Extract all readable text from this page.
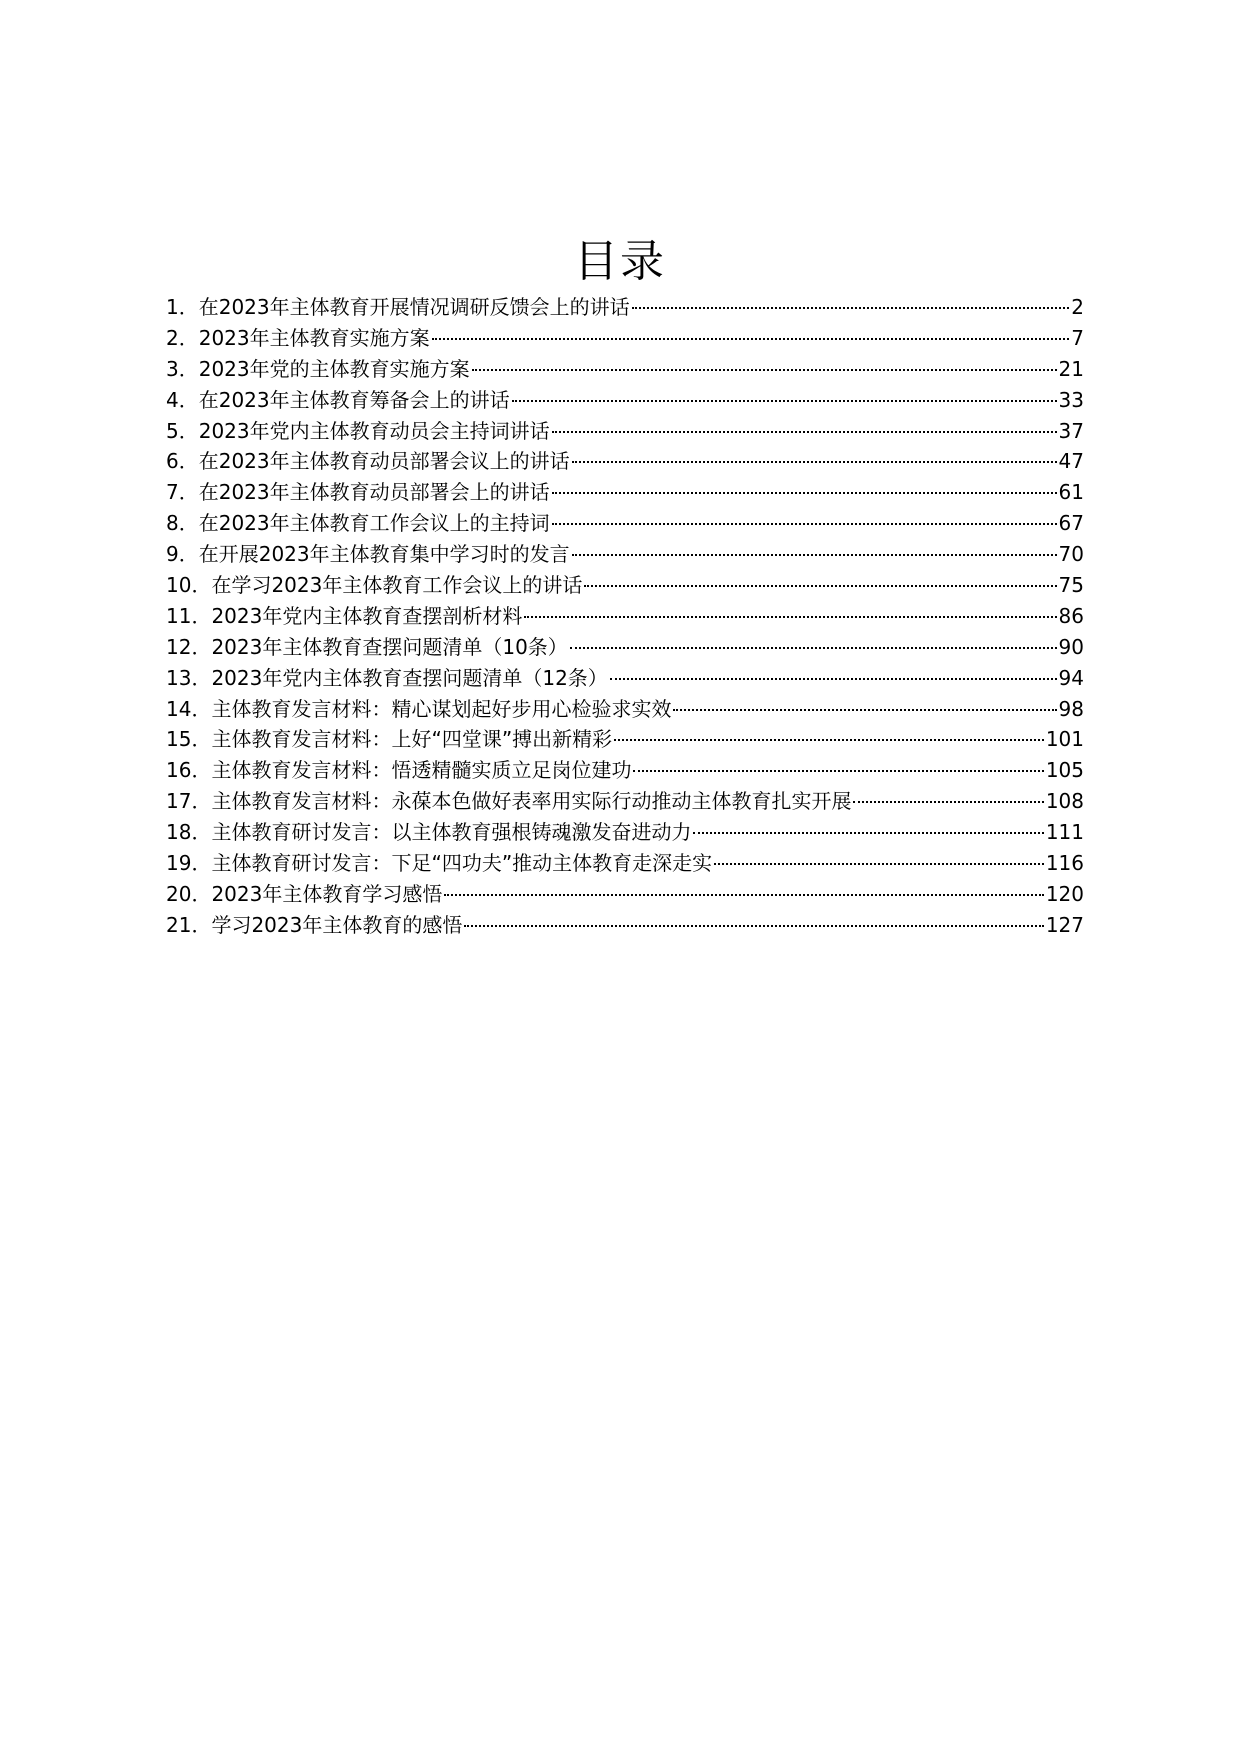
目录
1． 在2023年主体教育开展情况调研反馈会上的讲话	2
2． 2023年主体教育实施方案	7
3． 2023年党的主体教育实施方案	21
4． 在2023年主体教育筹备会上的讲话	33
5． 2023年党内主体教育动员会主持词讲话	37
6． 在2023年主体教育动员部署会议上的讲话	47
7． 在2023年主体教育动员部署会上的讲话	61
8． 在2023年主体教育工作会议上的主持词	67
9． 在开展2023年主体教育集中学习时的发言	70
10． 在学习2023年主体教育工作会议上的讲话	75
11． 2023年党内主体教育查摆剖析材料	86
12． 2023年主体教育查摆问题清单（10条）	90
13． 2023年党内主体教育查摆问题清单（12条）	94
14． 主体教育发言材料：精心谋划起好步用心检验求实效	98
15． 主体教育发言材料：上好“四堂课”搏出新精彩	101
16． 主体教育发言材料：悟透精髓实质立足岗位建功	105
17． 主体教育发言材料：永葆本色做好表率用实际行动推动主体教育扎实开展	108
18． 主体教育研讨发言：以主体教育强根铸魂激发奋进动力	111
19． 主体教育研讨发言：下足“四功夫”推动主体教育走深走实	116
20． 2023年主体教育学习感悟	120
21． 学习2023年主体教育的感悟	127
